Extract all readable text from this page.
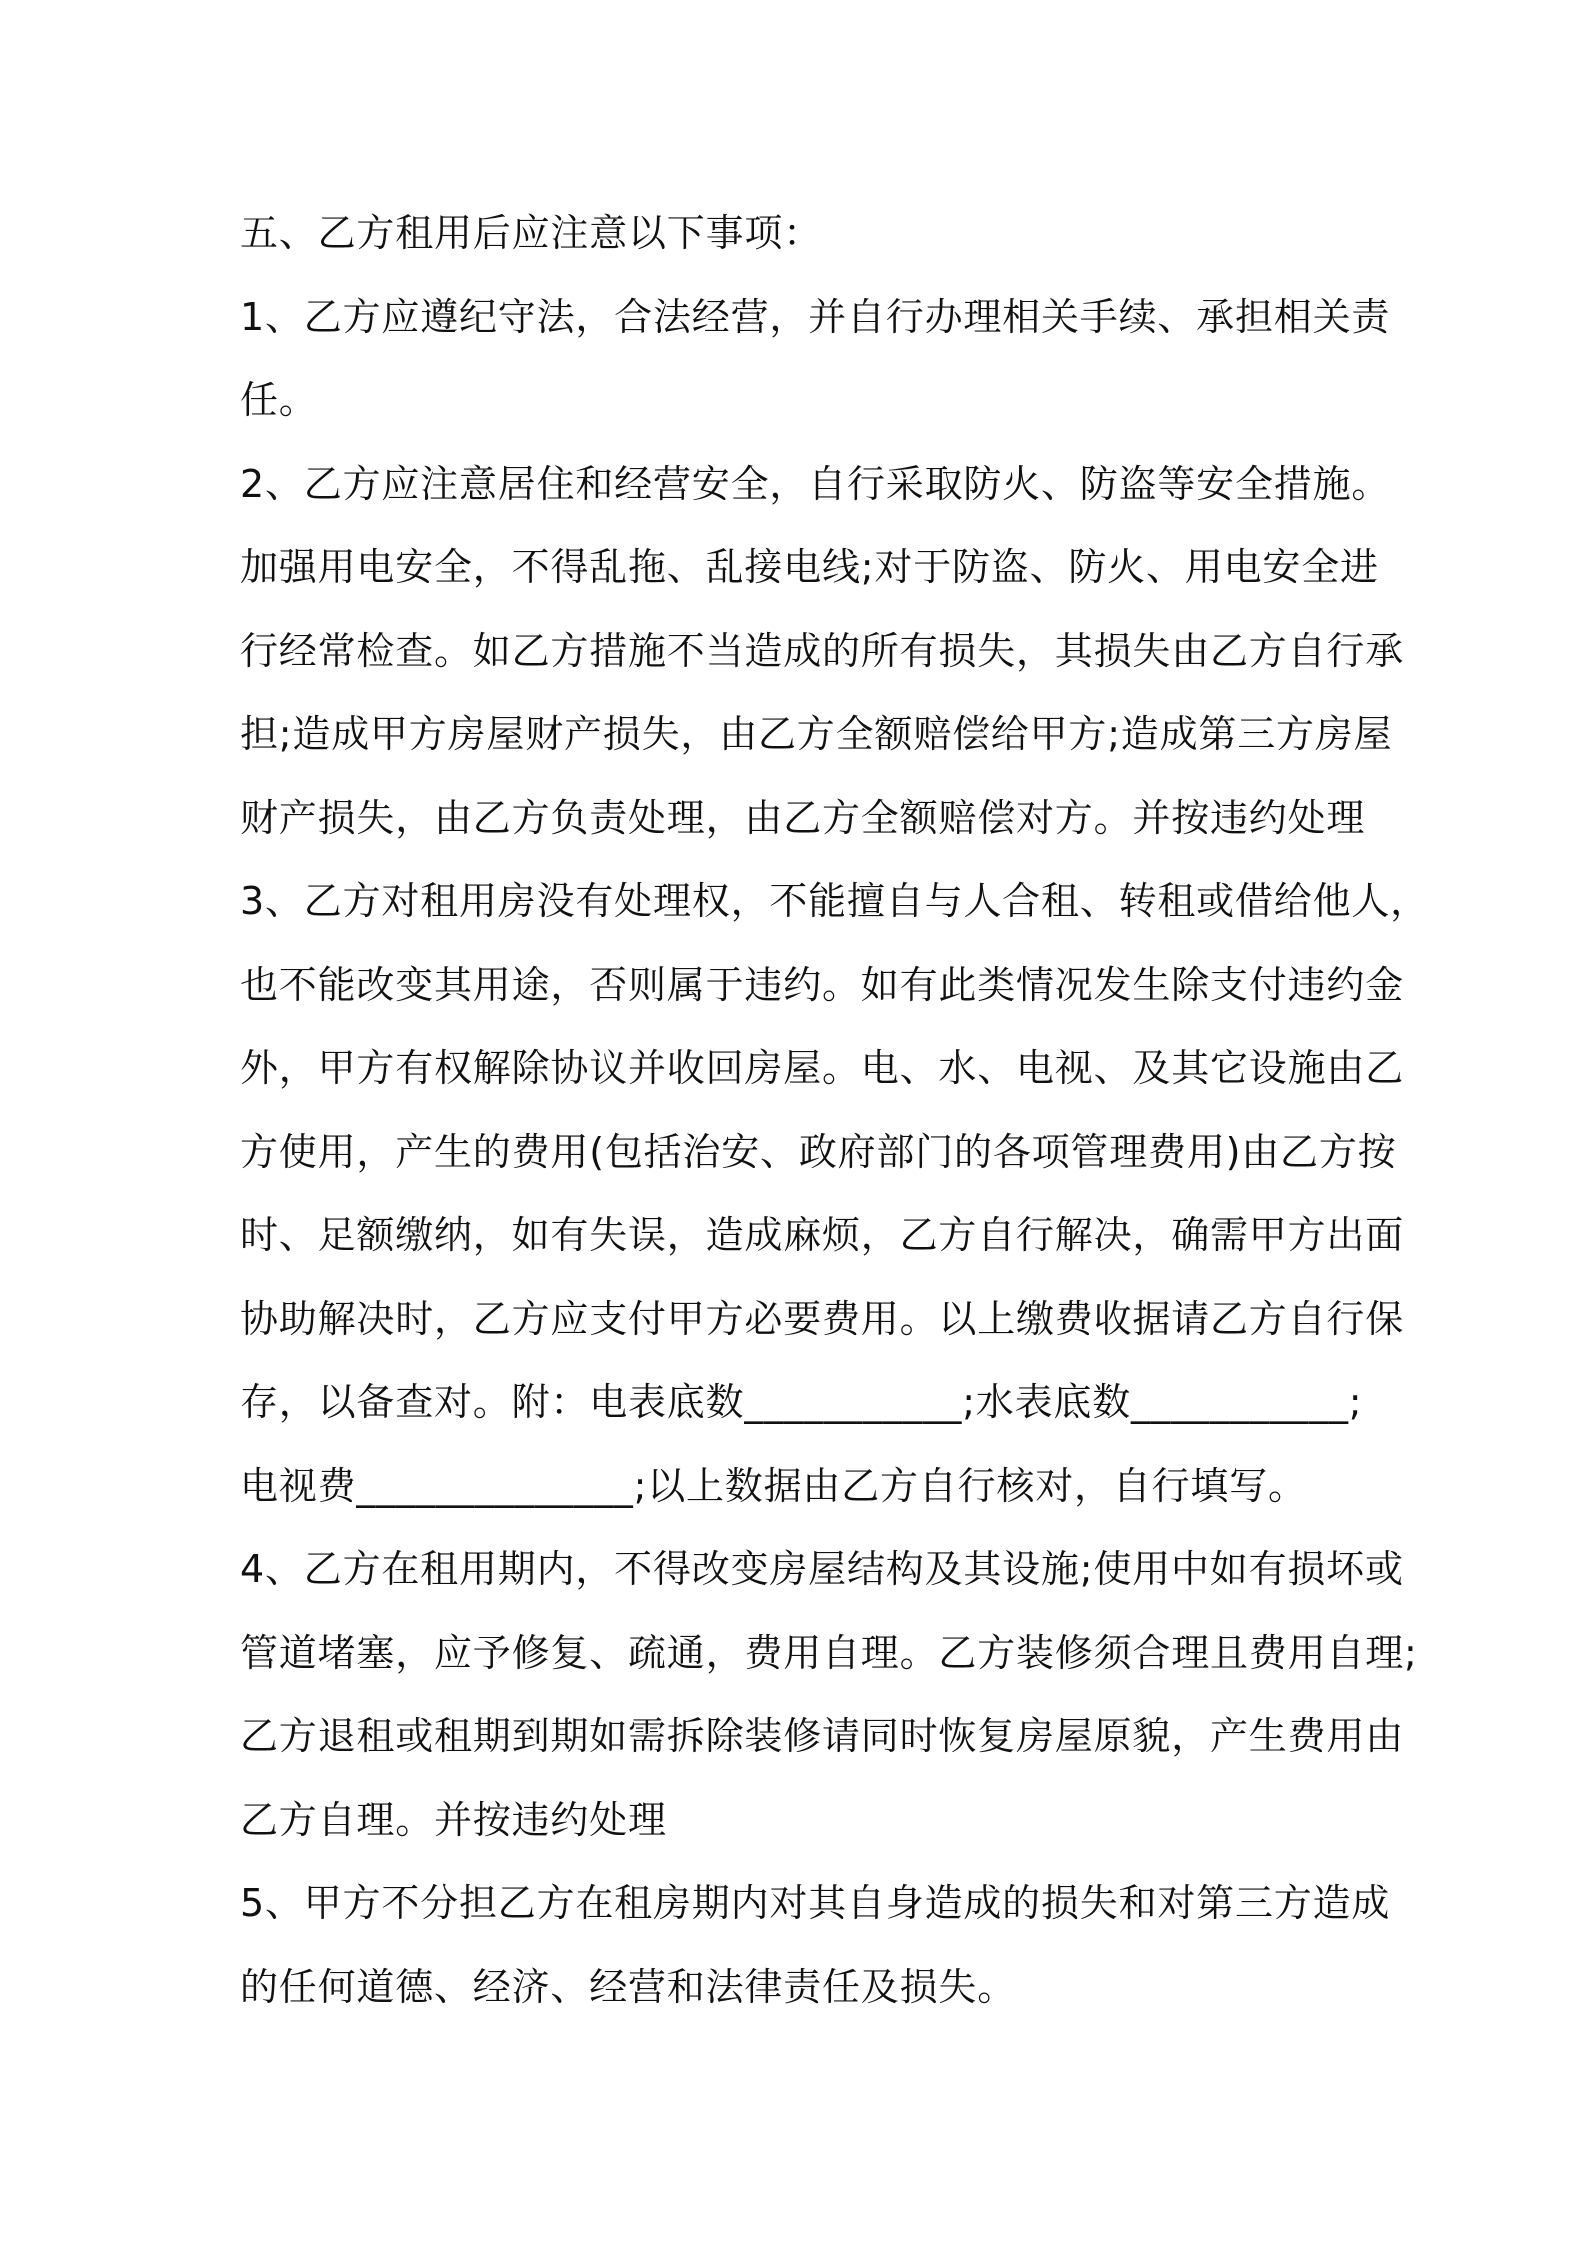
五、乙方租用后应注意以下事项：
1、乙方应遵纪守法，合法经营，并自行办理相关手续、承担相关责
任。
2、乙方应注意居住和经营安全，自行采取防火、防盗等安全措施。
加强用电安全，不得乱拖、乱接电线;对于防盗、防火、用电安全进
行经常检查。如乙方措施不当造成的所有损失，其损失由乙方自行承
担;造成甲方房屋财产损失，由乙方全额赔偿给甲方;造成第三方房屋
财产损失，由乙方负责处理，由乙方全额赔偿对方。并按违约处理
3、乙方对租用房没有处理权，不能擅自与人合租、转租或借给他人，
也不能改变其用途，否则属于违约。如有此类情况发生除支付违约金
外，甲方有权解除协议并收回房屋。电、水、电视、及其它设施由乙
方使用，产生的费用(包括治安、政府部门的各项管理费用)由乙方按
时、足额缴纳，如有失误，造成麻烦，乙方自行解决，确需甲方出面
协助解决时，乙方应支付甲方必要费用。以上缴费收据请乙方自行保
存，以备查对。附：电表底数___________;水表底数___________;
电视费______________;以上数据由乙方自行核对，自行填写。
4、乙方在租用期内，不得改变房屋结构及其设施;使用中如有损坏或
管道堵塞，应予修复、疏通，费用自理。乙方装修须合理且费用自理;
乙方退租或租期到期如需拆除装修请同时恢复房屋原貌，产生费用由
乙方自理。并按违约处理
5、甲方不分担乙方在租房期内对其自身造成的损失和对第三方造成
的任何道德、经济、经营和法律责任及损失。
